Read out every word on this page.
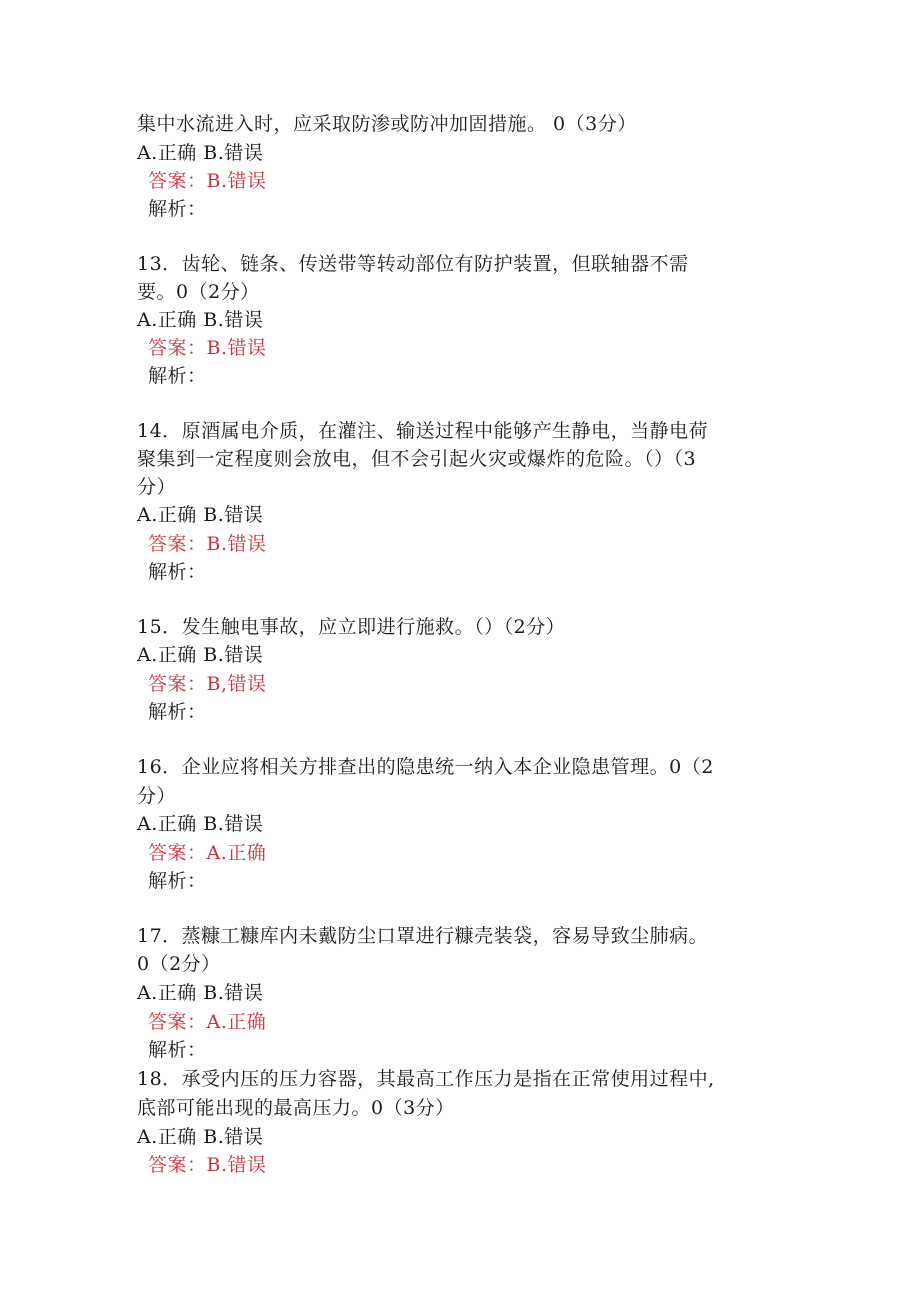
集中水流进入时，应采取防渗或防冲加固措施。 0（3分）
A.正确 B.错误
答案：B.错误
解析：
13．齿轮、链条、传送带等转动部位有防护装置，但联轴器不需
要。0（2分）
A.正确 B.错误
答案：B.错误
解析：
14．原酒属电介质，在灌注、输送过程中能够产生静电，当静电荷
聚集到一定程度则会放电，但不会引起火灾或爆炸的危险。（）（3
分）
A.正确 B.错误
答案：B.错误
解析：
15．发生触电事故，应立即进行施救。（）（2分）
A.正确 B.错误
答案：B,错误
解析：
16．企业应将相关方排查出的隐患统一纳入本企业隐患管理。0（2
分）
A.正确 B.错误
答案：A.正确
解析：
17．蒸糠工糠库内未戴防尘口罩进行糠壳装袋，容易导致尘肺病。
0（2分）
A.正确 B.错误
答案：A.正确
解析：
18．承受内压的压力容器，其最高工作压力是指在正常使用过程中,
底部可能出现的最高压力。0（3分）
A.正确 B.错误
答案：B.错误
